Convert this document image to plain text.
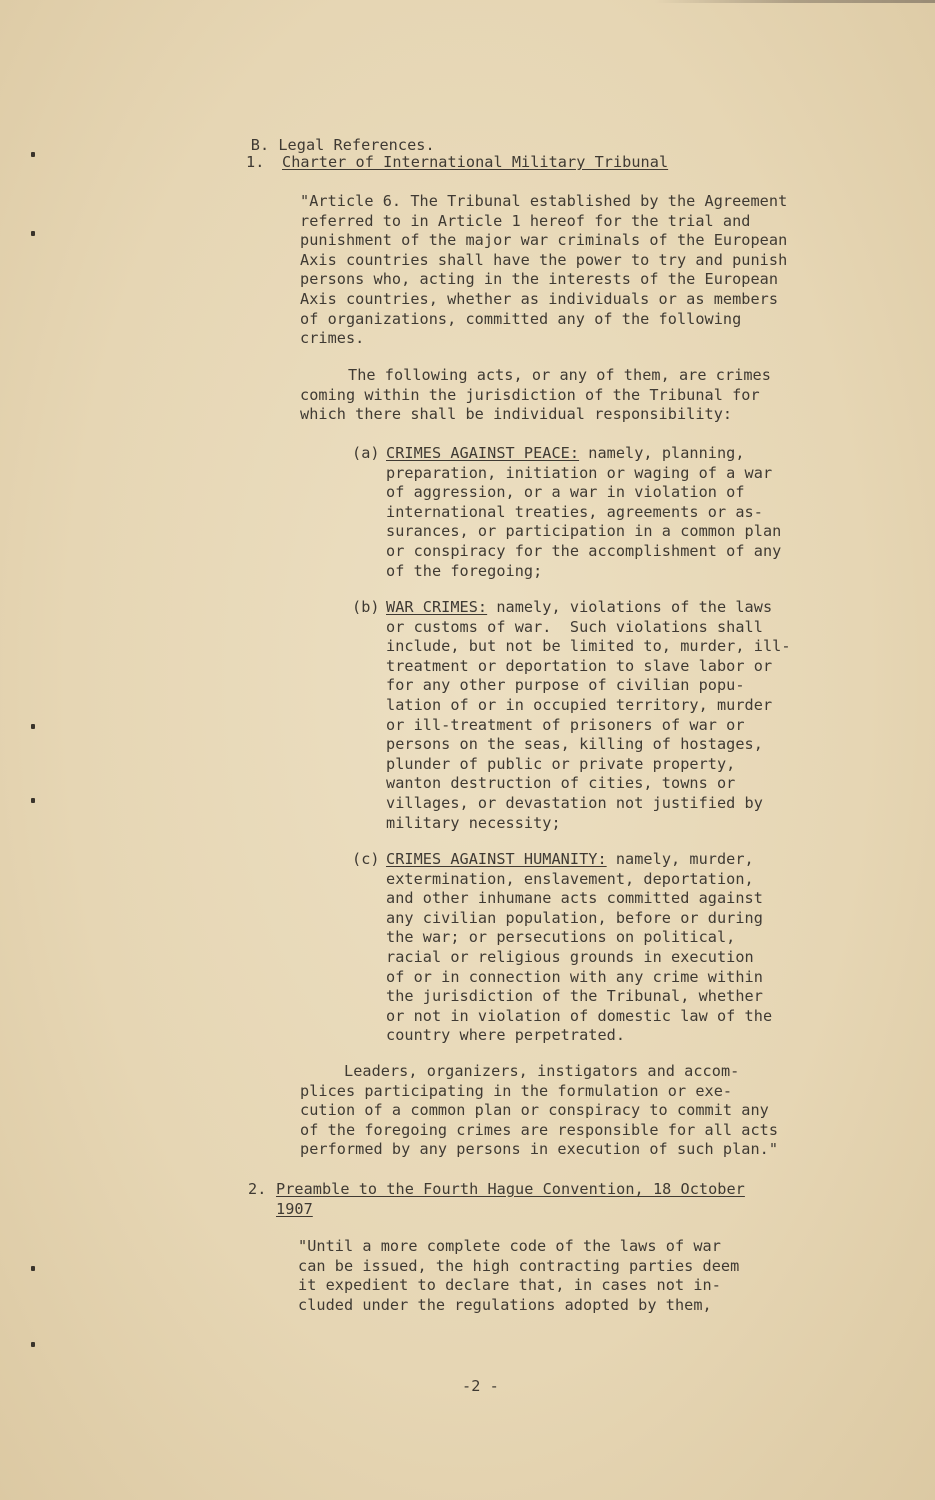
B. Legal References.

1. Charter of International Military Tribunal
"Article 6. The Tribunal established by the Agreement
referred to in Article 1 hereof for the trial and
punishment of the major war criminals of the European
Axis countries shall have the power to try and punish
persons who, acting in the interests of the European
Axis countries, whether as individuals or as members
of organizations, committed any of the following
crimes.
The following acts, or any of them, are crimes
coming within the jurisdiction of the Tribunal for
which there shall be individual responsibility:
(a) CRIMES AGAINST PEACE: namely, planning,
preparation, initiation or waging of a war
of aggression, or a war in violation of
international treaties, agreements or as-
surances, or participation in a common plan
or conspiracy for the accomplishment of any
of the foregoing;
(b) WAR CRIMES: namely, violations of the laws
or customs of war.  Such violations shall
include, but not be limited to, murder, ill-
treatment or deportation to slave labor or
for any other purpose of civilian popu-
lation of or in occupied territory, murder
or ill-treatment of prisoners of war or
persons on the seas, killing of hostages,
plunder of public or private property,
wanton destruction of cities, towns or
villages, or devastation not justified by
military necessity;
(c) CRIMES AGAINST HUMANITY: namely, murder,
extermination, enslavement, deportation,
and other inhumane acts committed against
any civilian population, before or during
the war; or persecutions on political,
racial or religious grounds in execution
of or in connection with any crime within
the jurisdiction of the Tribunal, whether
or not in violation of domestic law of the
country where perpetrated.
Leaders, organizers, instigators and accom-
plices participating in the formulation or exe-
cution of a common plan or conspiracy to commit any
of the foregoing crimes are responsible for all acts
performed by any persons in execution of such plan."
2. Preamble to the Fourth Hague Convention, 18 October
1907
"Until a more complete code of the laws of war
can be issued, the high contracting parties deem
it expedient to declare that, in cases not in-
cluded under the regulations adopted by them,
-2 -
